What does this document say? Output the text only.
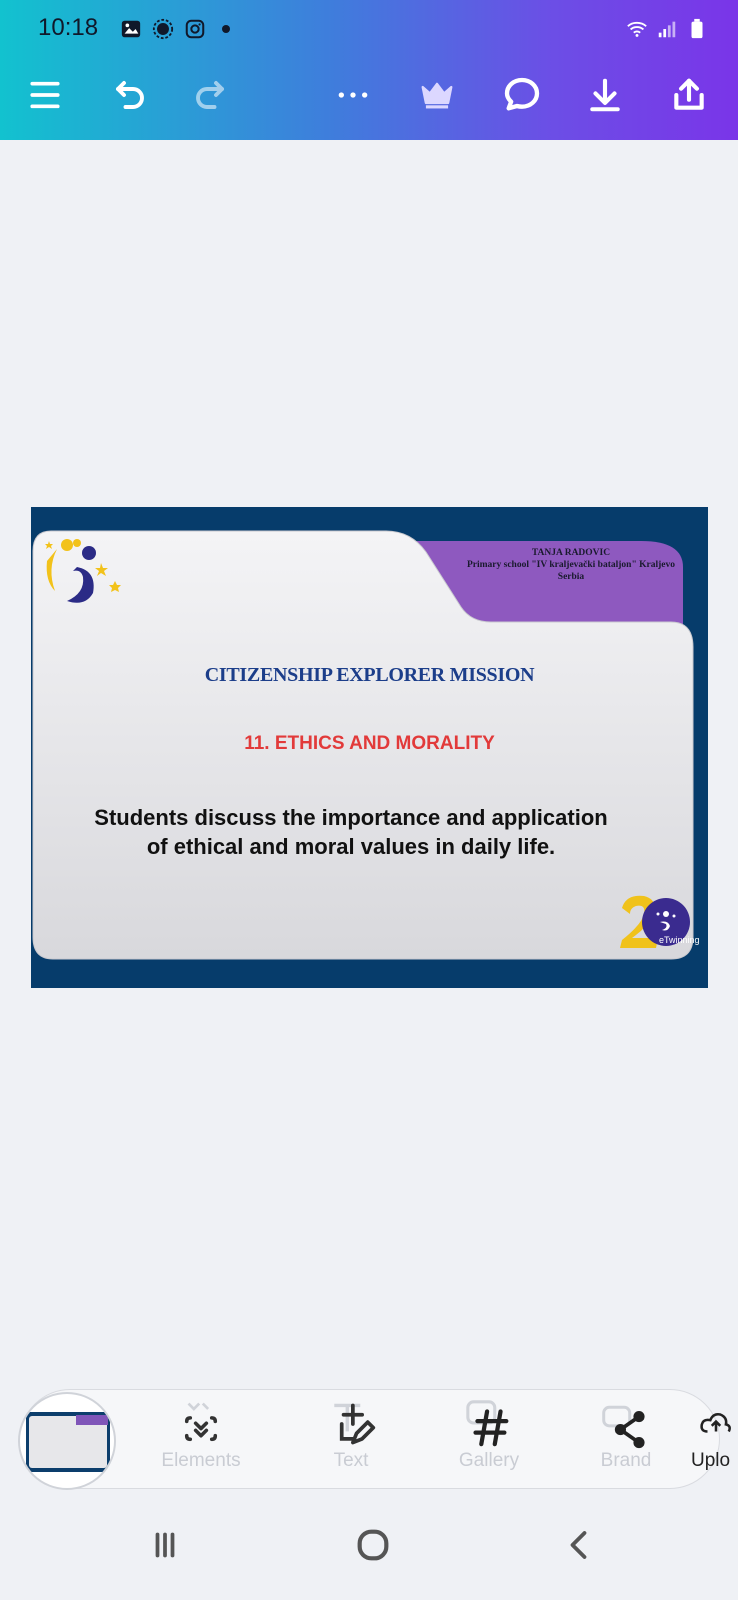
10:18
TANJA RADOVIC
Primary school "IV kraljevački bataljon" Kraljevo
Serbia
CITIZENSHIP EXPLORER MISSION
11. ETHICS AND MORALITY
Students discuss the importance and application
of ethical and moral values in daily life.
eTwinning
Elements	Text	Gallery	Brand	Uplo
